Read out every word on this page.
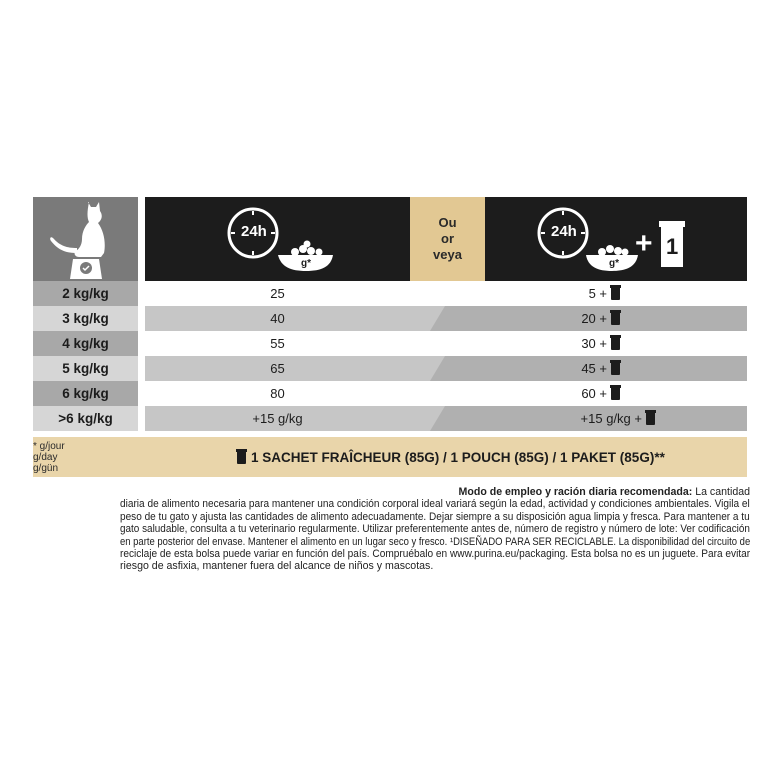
24h
g*
Ou
or
veya
24h
g*
+ 1
2 kg/kg	25	5 +
3 kg/kg	40	20 +
4 kg/kg	55	30 +
5 kg/kg	65	45 +
6 kg/kg	80	60 +
>6 kg/kg	+15 g/kg	+15 g/kg +
* g/jour
g/day
g/gün
1 SACHET FRAÎCHEUR (85G) / 1 POUCH (85G) / 1 PAKET (85G)**
Modo de empleo y ración diaria recomendada: La cantidad
diaria de alimento necesaria para mantener una condición corporal ideal variará según la edad, actividad y condiciones ambientales. Vigila el
peso de tu gato y ajusta las cantidades de alimento adecuadamente. Dejar siempre a su disposición agua limpia y fresca. Para mantener a tu
gato saludable, consulta a tu veterinario regularmente. Utilizar preferentemente antes de, número de registro y número de lote: Ver codificación
en parte posterior del envase. Mantener el alimento en un lugar seco y fresco. ¹DISEÑADO PARA SER RECICLABLE. La disponibilidad del circuito de
reciclaje de esta bolsa puede variar en función del país. Compruébalo en www.purina.eu/packaging. Esta bolsa no es un juguete. Para evitar
riesgo de asfixia, mantener fuera del alcance de niños y mascotas.
